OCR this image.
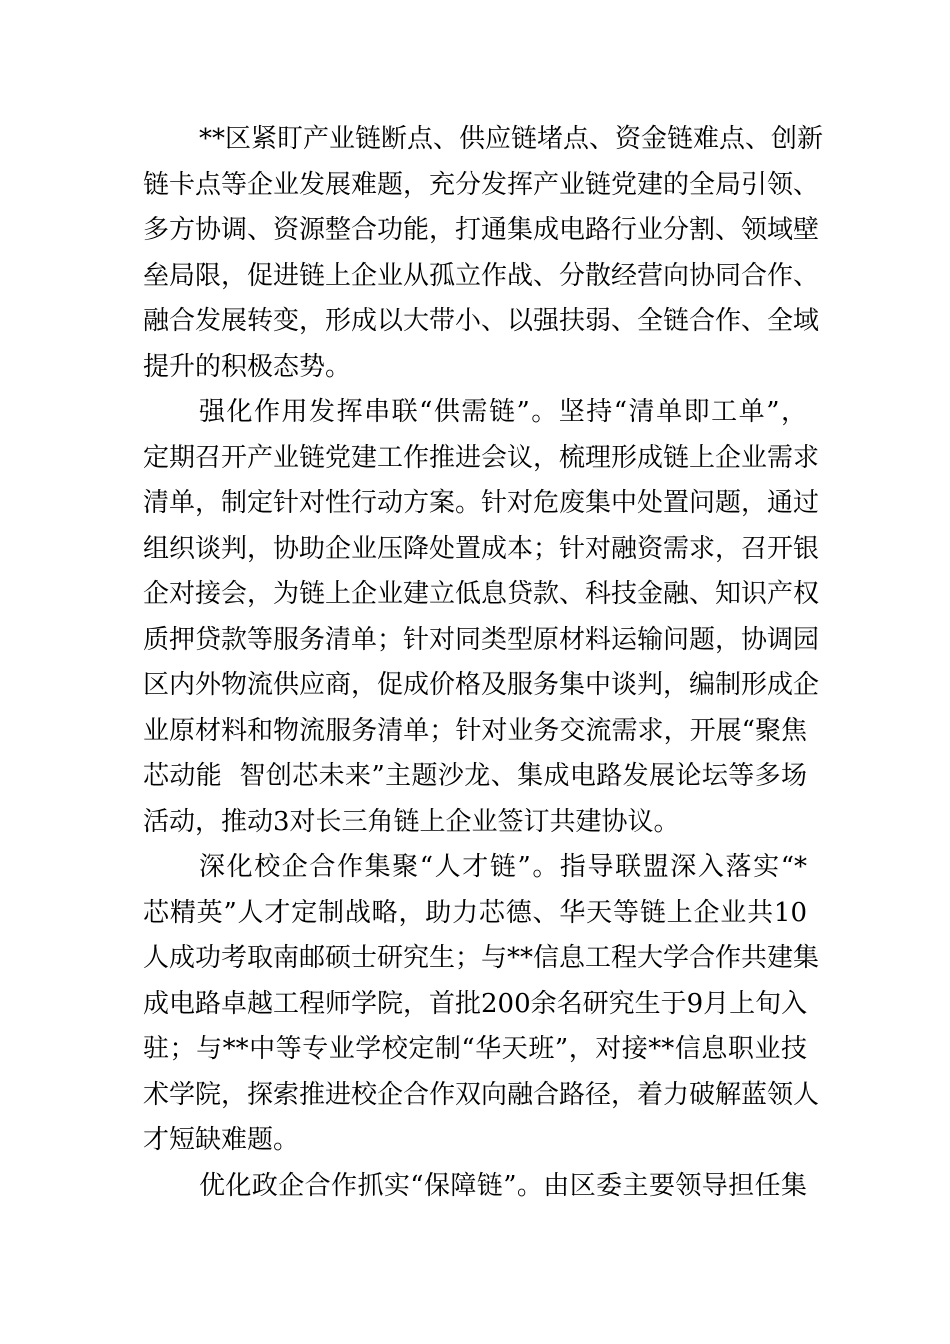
**区紧盯产业链断点、供应链堵点、资金链难点、创新
链卡点等企业发展难题，充分发挥产业链党建的全局引领、
多方协调、资源整合功能，打通集成电路行业分割、领域壁
垒局限，促进链上企业从孤立作战、分散经营向协同合作、
融合发展转变，形成以大带小、以强扶弱、全链合作、全域
提升的积极态势。
强化作用发挥串联“供需链”。坚持“清单即工单”，
定期召开产业链党建工作推进会议，梳理形成链上企业需求
清单，制定针对性行动方案。针对危废集中处置问题，通过
组织谈判，协助企业压降处置成本；针对融资需求，召开银
企对接会，为链上企业建立低息贷款、科技金融、知识产权
质押贷款等服务清单；针对同类型原材料运输问题，协调园
区内外物流供应商，促成价格及服务集中谈判，编制形成企
业原材料和物流服务清单；针对业务交流需求，开展“聚焦
芯动能  智创芯未来”主题沙龙、集成电路发展论坛等多场
活动，推动3对长三角链上企业签订共建协议。
深化校企合作集聚“人才链”。指导联盟深入落实“*
芯精英”人才定制战略，助力芯德、华天等链上企业共10
人成功考取南邮硕士研究生；与**信息工程大学合作共建集
成电路卓越工程师学院，首批200余名研究生于9月上旬入
驻；与**中等专业学校定制“华天班”，对接**信息职业技
术学院，探索推进校企合作双向融合路径，着力破解蓝领人
才短缺难题。
优化政企合作抓实“保障链”。由区委主要领导担任集
